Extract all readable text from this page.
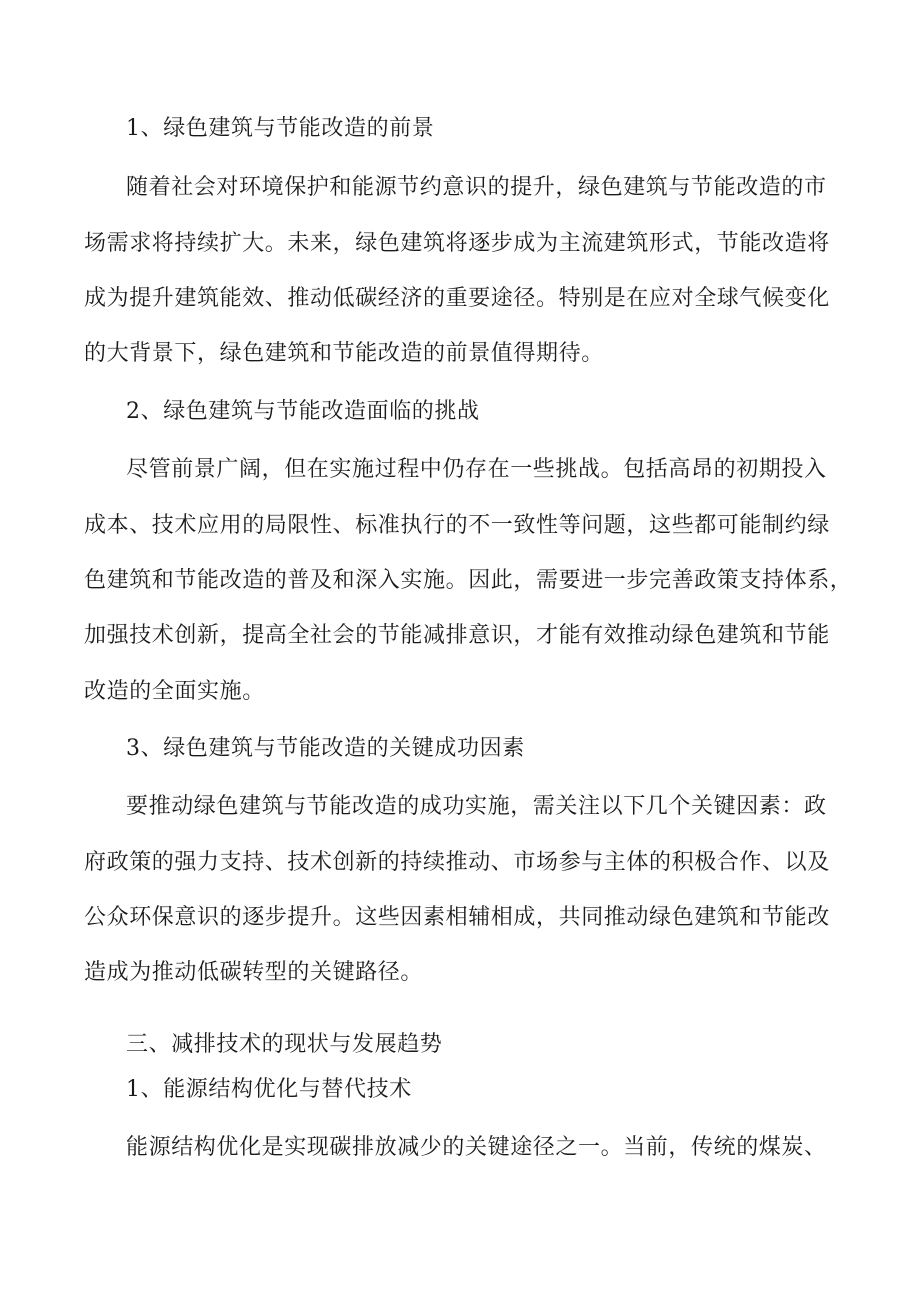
1、绿色建筑与节能改造的前景
随着社会对环境保护和能源节约意识的提升，绿色建筑与节能改造的市
场需求将持续扩大。未来，绿色建筑将逐步成为主流建筑形式，节能改造将
成为提升建筑能效、推动低碳经济的重要途径。特别是在应对全球气候变化
的大背景下，绿色建筑和节能改造的前景值得期待。
2、绿色建筑与节能改造面临的挑战
尽管前景广阔，但在实施过程中仍存在一些挑战。包括高昂的初期投入
成本、技术应用的局限性、标准执行的不一致性等问题，这些都可能制约绿
色建筑和节能改造的普及和深入实施。因此，需要进一步完善政策支持体系，
加强技术创新，提高全社会的节能减排意识，才能有效推动绿色建筑和节能
改造的全面实施。
3、绿色建筑与节能改造的关键成功因素
要推动绿色建筑与节能改造的成功实施，需关注以下几个关键因素：政
府政策的强力支持、技术创新的持续推动、市场参与主体的积极合作、以及
公众环保意识的逐步提升。这些因素相辅相成，共同推动绿色建筑和节能改
造成为推动低碳转型的关键路径。
三、减排技术的现状与发展趋势
1、能源结构优化与替代技术
能源结构优化是实现碳排放减少的关键途径之一。当前，传统的煤炭、
